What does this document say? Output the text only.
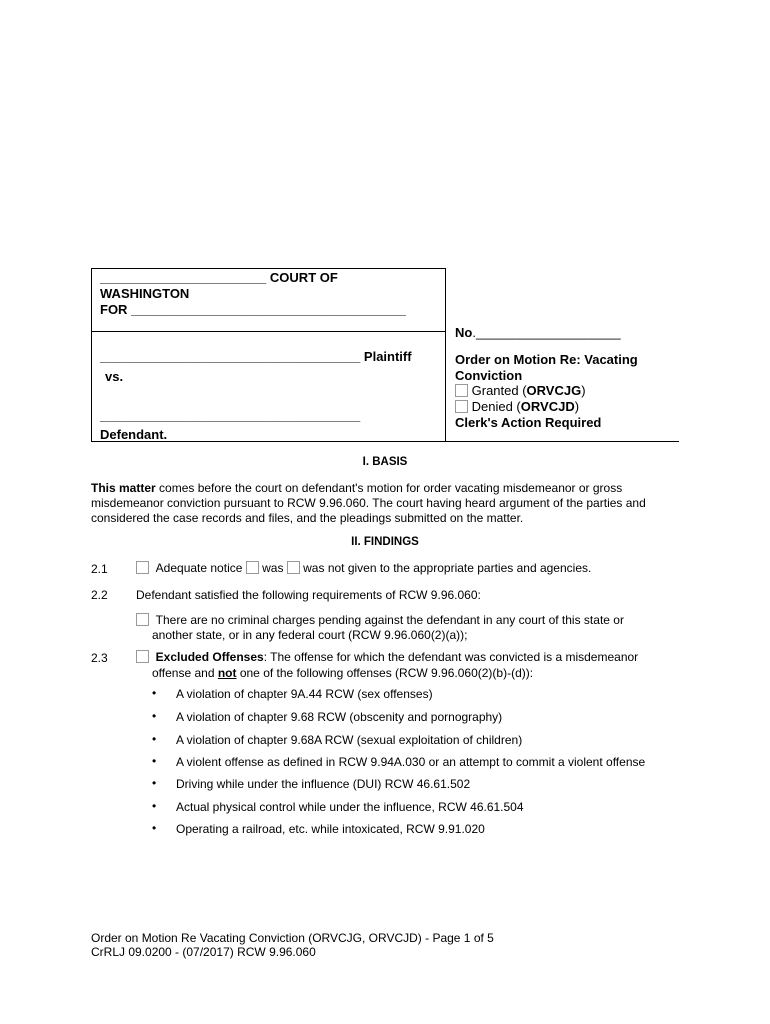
_______________________ COURT OF
WASHINGTON
FOR ______________________________________
____________________________________ Plaintiff
vs.
____________________________________
Defendant.
No.____________________
Order on Motion Re: Vacating
Conviction
Granted (ORVCJG)
Denied (ORVCJD)
Clerk's Action Required
I. BASIS
This matter comes before the court on defendant's motion for order vacating misdemeanor or gross
misdemeanor conviction pursuant to RCW 9.96.060. The court having heard argument of the parties and
considered the case records and files, and the pleadings submitted on the matter.
II. FINDINGS
2.1	Adequate notice was was not given to the appropriate parties and agencies.
2.2 Defendant satisfied the following requirements of RCW 9.96.060:
There are no criminal charges pending against the defendant in any court of this state or
another state, or in any federal court (RCW 9.96.060(2)(a));
2.3	Excluded Offenses: The offense for which the defendant was convicted is a misdemeanor
offense and not one of the following offenses (RCW 9.96.060(2)(b)-(d)):
• A violation of chapter 9A.44 RCW (sex offenses)
• A violation of chapter 9.68 RCW (obscenity and pornography)
• A violation of chapter 9.68A RCW (sexual exploitation of children)
• A violent offense as defined in RCW 9.94A.030 or an attempt to commit a violent offense
• Driving while under the influence (DUI) RCW 46.61.502
• Actual physical control while under the influence, RCW 46.61.504
• Operating a railroad, etc. while intoxicated, RCW 9.91.020
Order on Motion Re Vacating Conviction (ORVCJG, ORVCJD) - Page 1 of 5
CrRLJ 09.0200 - (07/2017) RCW 9.96.060
